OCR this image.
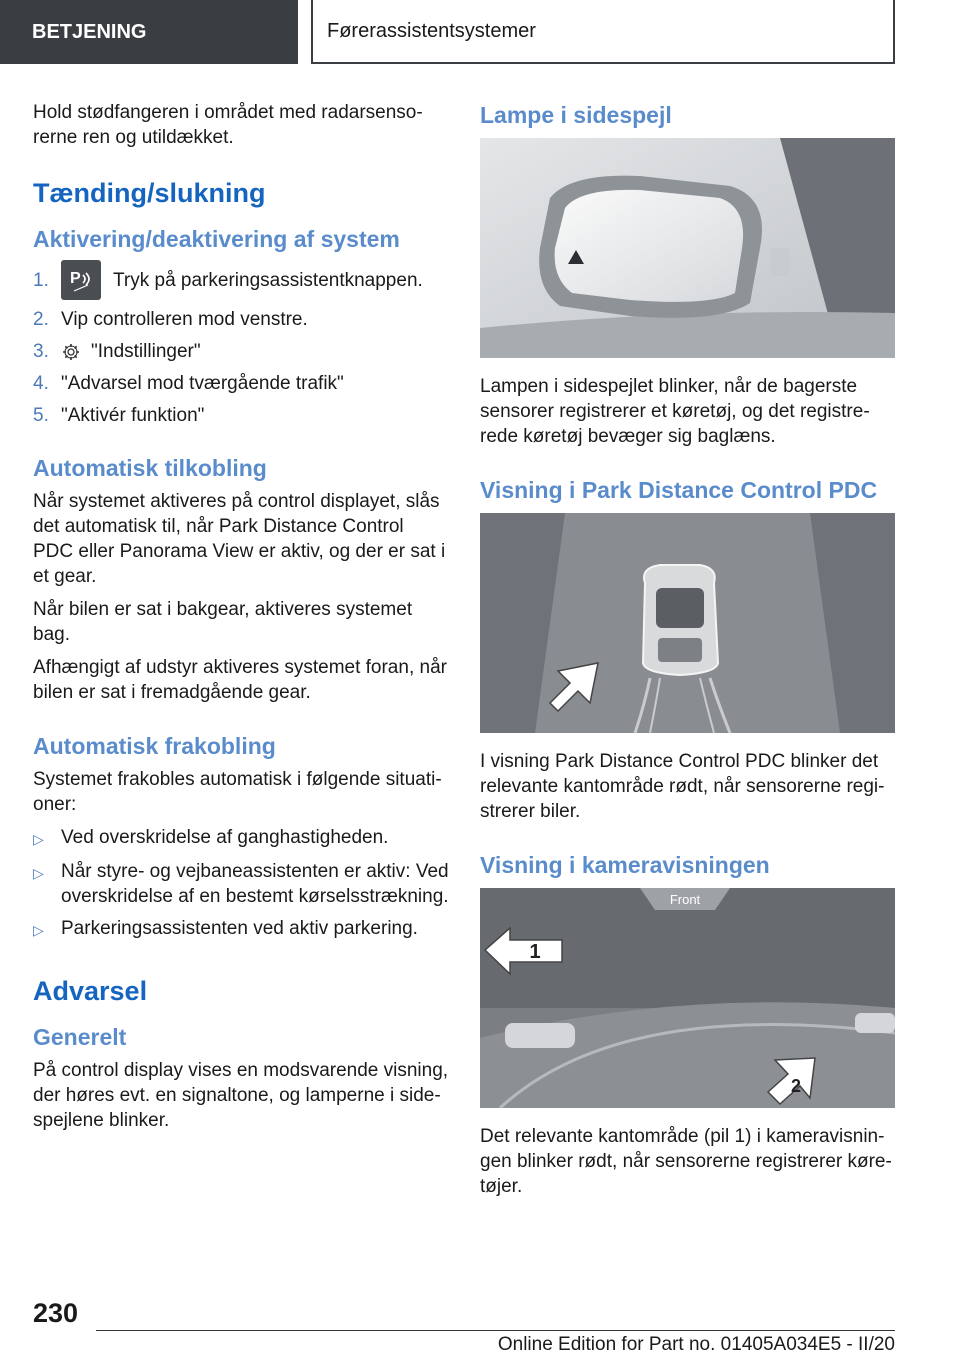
BETJENING	Førerassistentsystemer

Hold stødfangeren i området med radarsensorerne ren og utildækket.

Tænding/slukning
Aktivering/deaktivering af system
1.	P Tryk på parkeringsassistentknappen.
2. Vip controlleren mod venstre.
3.	"Indstillinger"
4. "Advarsel mod tværgående trafik"
5. "Aktivér funktion"
Automatisk tilkobling

Når systemet aktiveres på control displayet, slås det automatisk til, når Park Distance Control PDC eller Panorama View er aktiv, og der er sat i et gear.

Når bilen er sat i bakgear, aktiveres systemet bag.

Afhængigt af udstyr aktiveres systemet foran, når bilen er sat i fremadgående gear.

Automatisk frakobling

Systemet frakobles automatisk i følgende situationer:

▷ Ved overskridelse af ganghastigheden.
▷ Når styre- og vejbaneassistenten er aktiv: Ved overskridelse af en bestemt kørselsstrækning.
▷ Parkeringsassistenten ved aktiv parkering.
Advarsel
Generelt

På control display vises en modsvarende visning, der høres evt. en signaltone, og lamperne i sidespejlene blinker.

Lampe i sidespejl

Lampen i sidespejlet blinker, når de bagerste sensorer registrerer et køretøj, og det registrerede køretøj bevæger sig baglæns.

Visning i Park Distance Control PDC

I visning Park Distance Control PDC blinker det relevante kantområde rødt, når sensorerne registrerer biler.

Visning i kameravisningen
Front
1
2

Det relevante kantområde (pil 1) i kameravisningen blinker rødt, når sensorerne registrerer køretøjer.

230
Online Edition for Part no. 01405A034E5 - II/20
